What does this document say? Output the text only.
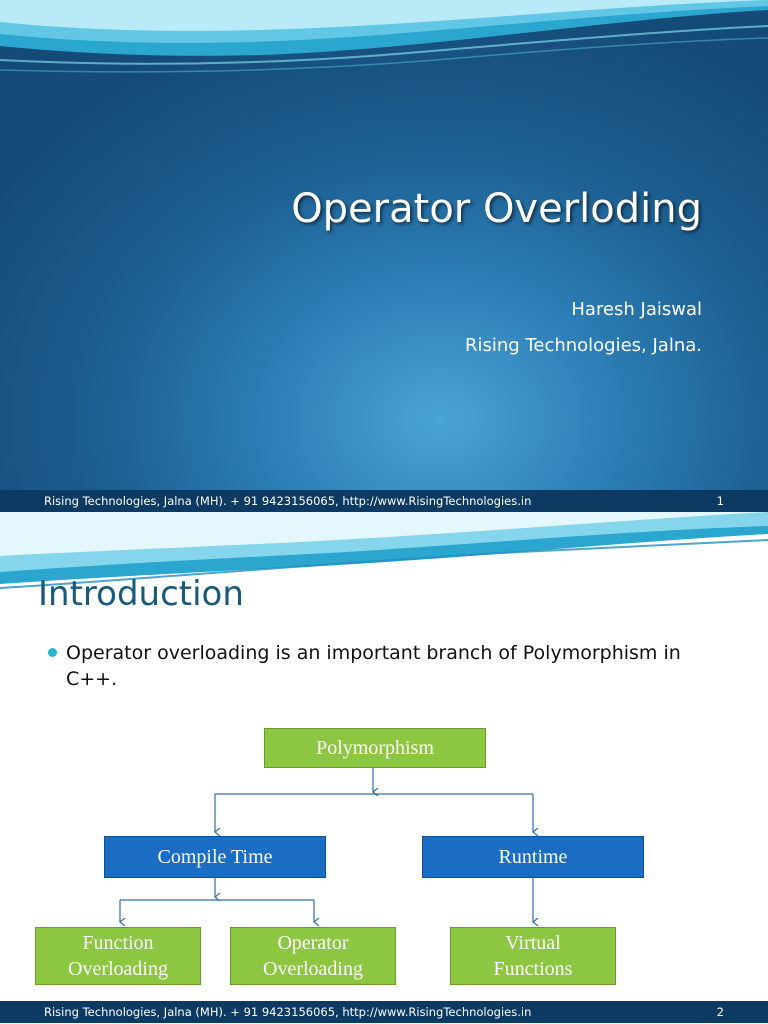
Operator Overloding
Haresh Jaiswal
Rising Technologies, Jalna.
Rising Technologies, Jalna (MH). + 91 9423156065, http://www.RisingTechnologies.in	1
Introduction
Operator overloading is an important branch of Polymorphism in C++.
Polymorphism
Compile Time	Runtime
Function
Overloading
Operator
Overloading
Virtual
Functions
Rising Technologies, Jalna (MH). + 91 9423156065, http://www.RisingTechnologies.in	2
